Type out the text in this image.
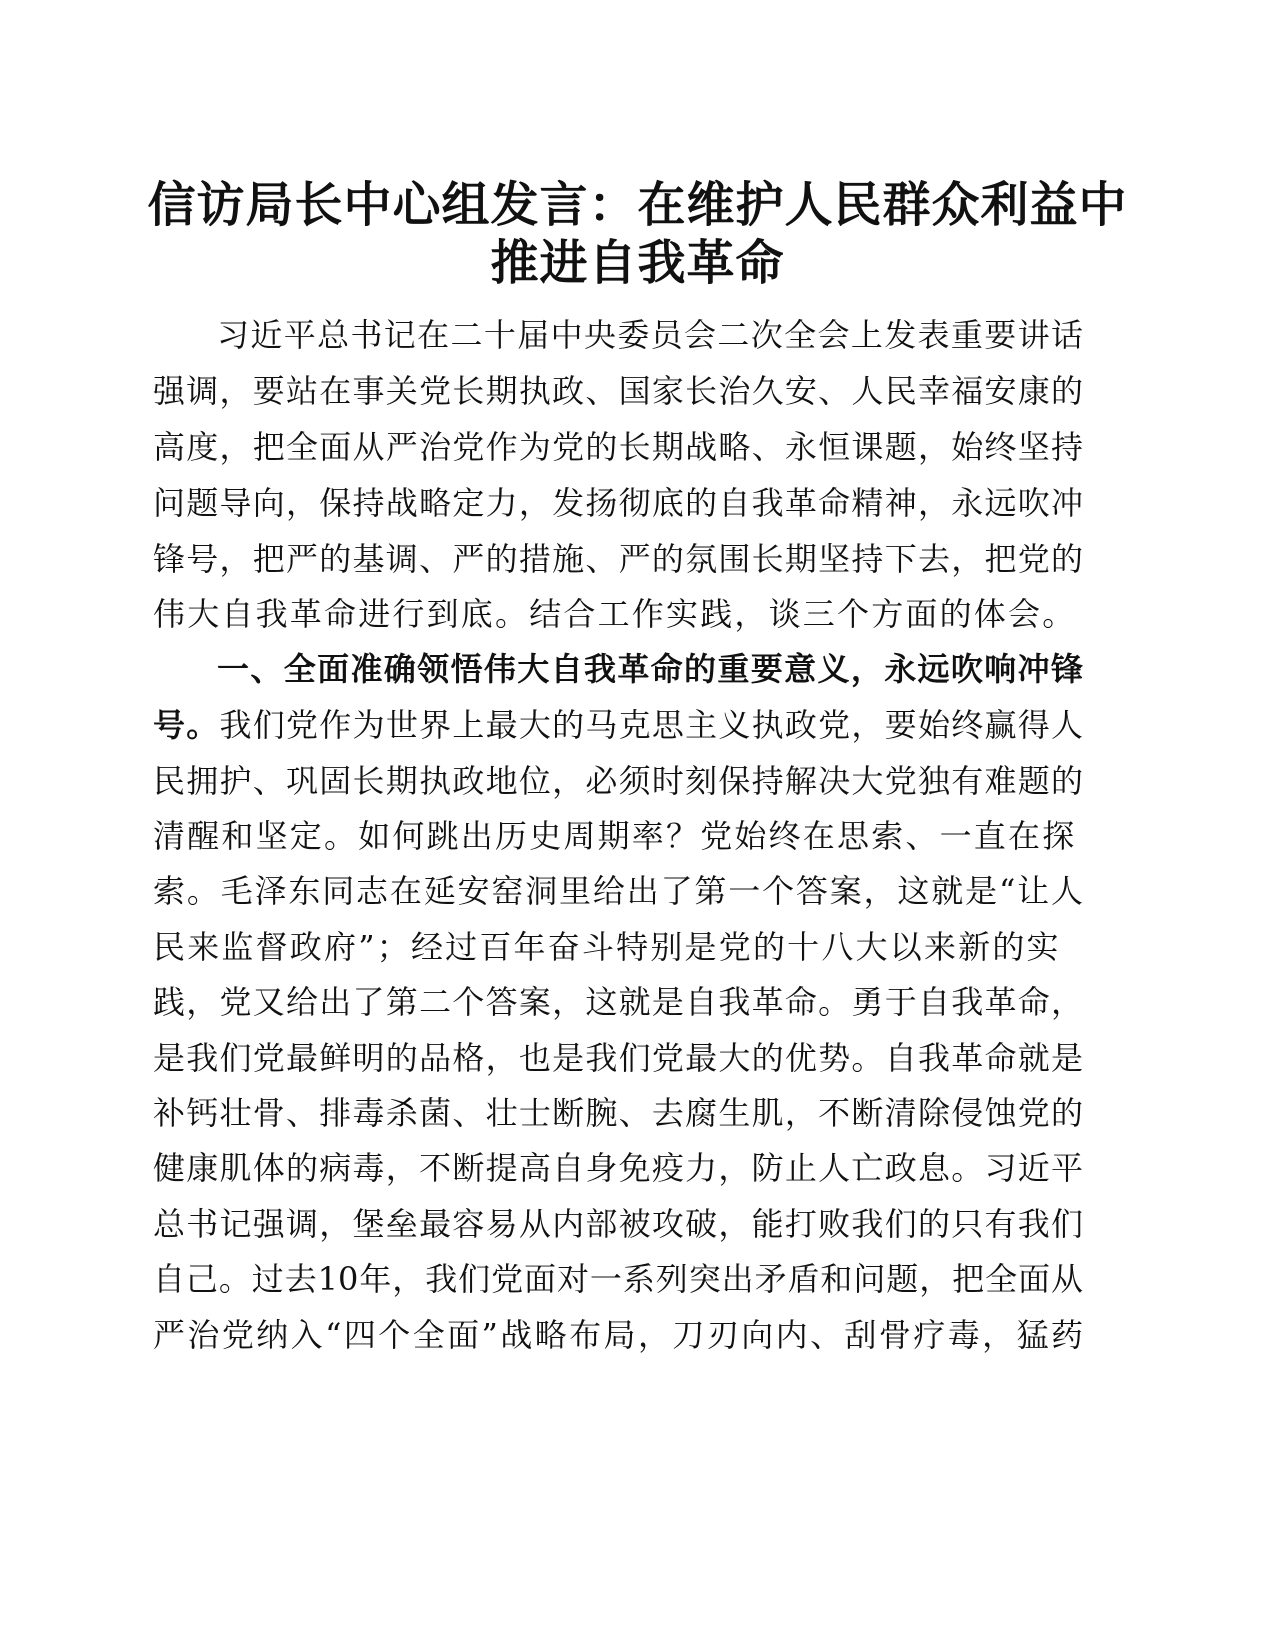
信访局长中心组发言：在维护人民群众利益中
推进自我革命
习近平总书记在二十届中央委员会二次全会上发表重要讲话
强调，要站在事关党长期执政、国家长治久安、人民幸福安康的
高度，把全面从严治党作为党的长期战略、永恒课题，始终坚持
问题导向，保持战略定力，发扬彻底的自我革命精神，永远吹冲
锋号，把严的基调、严的措施、严的氛围长期坚持下去，把党的
伟大自我革命进行到底。结合工作实践，谈三个方面的体会。
一、全面准确领悟伟大自我革命的重要意义，永远吹响冲锋
号。我们党作为世界上最大的马克思主义执政党，要始终赢得人
民拥护、巩固长期执政地位，必须时刻保持解决大党独有难题的
清醒和坚定。如何跳出历史周期率？党始终在思索、一直在探
索。毛泽东同志在延安窑洞里给出了第一个答案，这就是“让人
民来监督政府”；经过百年奋斗特别是党的十八大以来新的实
践，党又给出了第二个答案，这就是自我革命。勇于自我革命，
是我们党最鲜明的品格，也是我们党最大的优势。自我革命就是
补钙壮骨、排毒杀菌、壮士断腕、去腐生肌，不断清除侵蚀党的
健康肌体的病毒，不断提高自身免疫力，防止人亡政息。习近平
总书记强调，堡垒最容易从内部被攻破，能打败我们的只有我们
自己。过去10年，我们党面对一系列突出矛盾和问题，把全面从
严治党纳入“四个全面”战略布局，刀刃向内、刮骨疗毒，猛药
